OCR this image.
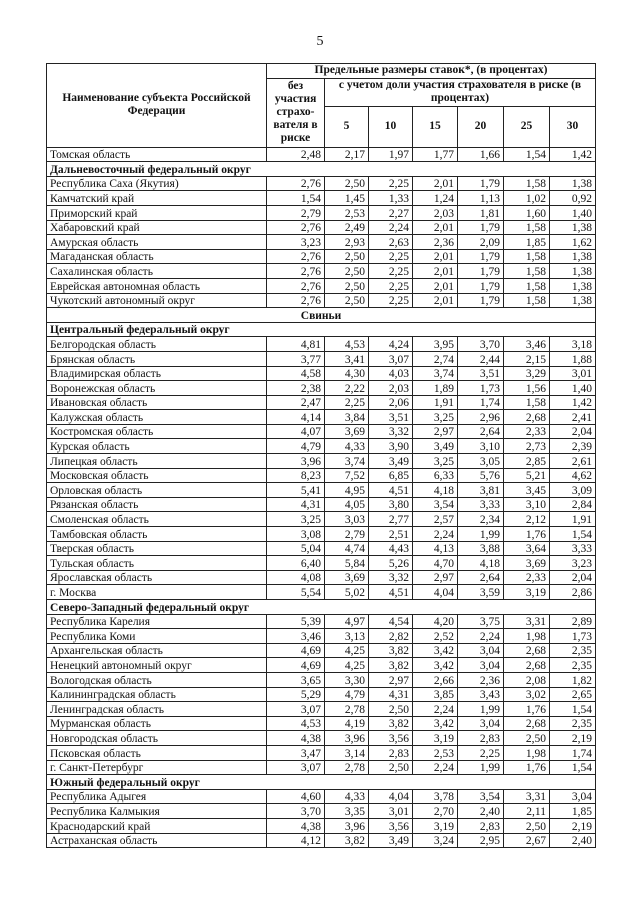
5
Наименование субъекта Российской Федерации	Предельные размеры ставок*, (в процентах)						
	без участия страхо-вателя в риске	с учетом доли участия страхователя в риске (в процентах)					
		5	10	15	20	25	30
Томская область	2,48	2,17	1,97	1,77	1,66	1,54	1,42
Дальневосточный федеральный округ							
Республика Саха (Якутия)	2,76	2,50	2,25	2,01	1,79	1,58	1,38
Камчатский край	1,54	1,45	1,33	1,24	1,13	1,02	0,92
Приморский край	2,79	2,53	2,27	2,03	1,81	1,60	1,40
Хабаровский край	2,76	2,49	2,24	2,01	1,79	1,58	1,38
Амурская область	3,23	2,93	2,63	2,36	2,09	1,85	1,62
Магаданская область	2,76	2,50	2,25	2,01	1,79	1,58	1,38
Сахалинская область	2,76	2,50	2,25	2,01	1,79	1,58	1,38
Еврейская автономная область	2,76	2,50	2,25	2,01	1,79	1,58	1,38
Чукотский автономный округ	2,76	2,50	2,25	2,01	1,79	1,58	1,38
Свиньи							
Центральный федеральный округ							
Белгородская область	4,81	4,53	4,24	3,95	3,70	3,46	3,18
Брянская область	3,77	3,41	3,07	2,74	2,44	2,15	1,88
Владимирская область	4,58	4,30	4,03	3,74	3,51	3,29	3,01
Воронежская область	2,38	2,22	2,03	1,89	1,73	1,56	1,40
Ивановская область	2,47	2,25	2,06	1,91	1,74	1,58	1,42
Калужская область	4,14	3,84	3,51	3,25	2,96	2,68	2,41
Костромская область	4,07	3,69	3,32	2,97	2,64	2,33	2,04
Курская область	4,79	4,33	3,90	3,49	3,10	2,73	2,39
Липецкая область	3,96	3,74	3,49	3,25	3,05	2,85	2,61
Московская область	8,23	7,52	6,85	6,33	5,76	5,21	4,62
Орловская область	5,41	4,95	4,51	4,18	3,81	3,45	3,09
Рязанская область	4,31	4,05	3,80	3,54	3,33	3,10	2,84
Смоленская область	3,25	3,03	2,77	2,57	2,34	2,12	1,91
Тамбовская область	3,08	2,79	2,51	2,24	1,99	1,76	1,54
Тверская область	5,04	4,74	4,43	4,13	3,88	3,64	3,33
Тульская область	6,40	5,84	5,26	4,70	4,18	3,69	3,23
Ярославская область	4,08	3,69	3,32	2,97	2,64	2,33	2,04
г. Москва	5,54	5,02	4,51	4,04	3,59	3,19	2,86
Северо-Западный федеральный округ							
Республика Карелия	5,39	4,97	4,54	4,20	3,75	3,31	2,89
Республика Коми	3,46	3,13	2,82	2,52	2,24	1,98	1,73
Архангельская область	4,69	4,25	3,82	3,42	3,04	2,68	2,35
Ненецкий автономный округ	4,69	4,25	3,82	3,42	3,04	2,68	2,35
Вологодская область	3,65	3,30	2,97	2,66	2,36	2,08	1,82
Калининградская область	5,29	4,79	4,31	3,85	3,43	3,02	2,65
Ленинградская область	3,07	2,78	2,50	2,24	1,99	1,76	1,54
Мурманская область	4,53	4,19	3,82	3,42	3,04	2,68	2,35
Новгородская область	4,38	3,96	3,56	3,19	2,83	2,50	2,19
Псковская область	3,47	3,14	2,83	2,53	2,25	1,98	1,74
г. Санкт-Петербург	3,07	2,78	2,50	2,24	1,99	1,76	1,54
Южный федеральный округ							
Республика Адыгея	4,60	4,33	4,04	3,78	3,54	3,31	3,04
Республика Калмыкия	3,70	3,35	3,01	2,70	2,40	2,11	1,85
Краснодарский край	4,38	3,96	3,56	3,19	2,83	2,50	2,19
Астраханская область	4,12	3,82	3,49	3,24	2,95	2,67	2,40
